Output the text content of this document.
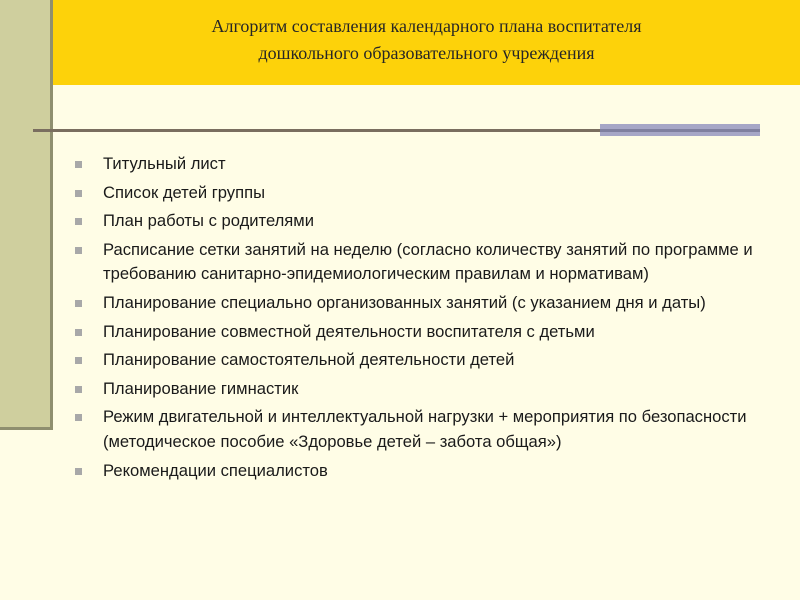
Алгоритм составления календарного плана воспитателя
дошкольного образовательного учреждения
Титульный лист
Список детей группы
План работы с родителями
Расписание сетки занятий на неделю (согласно количеству занятий по программе и требованию санитарно-эпидемиологическим правилам и нормативам)
Планирование специально организованных занятий (с указанием дня и даты)
Планирование совместной деятельности воспитателя с детьми
Планирование самостоятельной деятельности детей
Планирование гимнастик
Режим двигательной и интеллектуальной нагрузки + мероприятия по безопасности (методическое пособие «Здоровье детей – забота общая»)
Рекомендации специалистов
